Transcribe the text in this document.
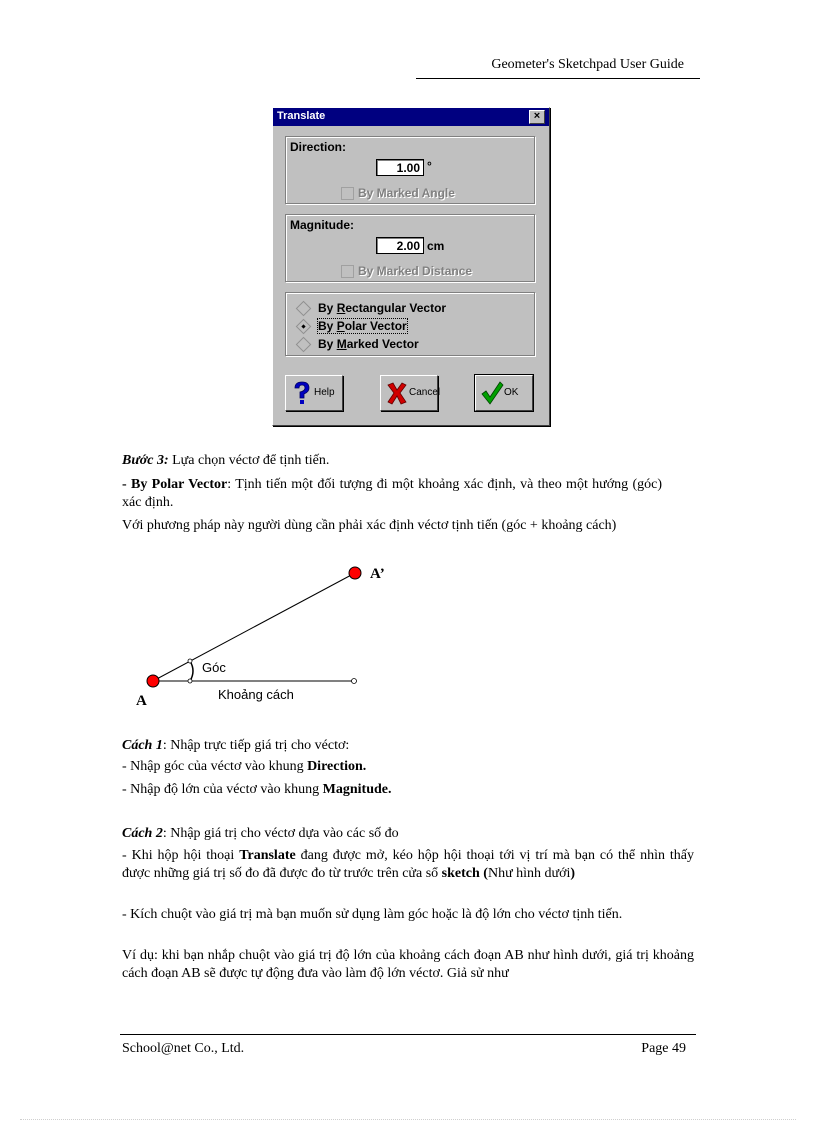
Geometer's Sketchpad User Guide
Translate	×
Direction:
1.00 °
By Marked Angle
Magnitude:
2.00 cm
By Marked Distance
By Rectangular Vector
By Polar Vector
By Marked Vector
Help	Cancel	OK
Bước 3: Lựa chọn véctơ để tịnh tiến.
- By Polar Vector: Tịnh tiến một đối tượng đi một khoảng xác định, và theo một hướng (góc) xác định.
Với phương pháp này người dùng cần phải xác định véctơ tịnh tiến (góc + khoảng cách)
A
A’
Góc
Khoảng cách
Cách 1: Nhập trực tiếp giá trị cho véctơ:
- Nhập góc của véctơ vào khung Direction.
- Nhập độ lớn của véctơ vào khung Magnitude.
Cách 2: Nhập giá trị cho véctơ dựa vào các số đo
- Khi hộp hội thoại Translate đang được mở, kéo hộp hội thoại tới vị trí mà bạn có thể nhìn thấy được những giá trị số đo đã được đo từ trước trên cửa sổ sketch (Như hình dưới)
- Kích chuột vào giá trị mà bạn muốn sử dụng làm góc hoặc là độ lớn cho véctơ tịnh tiến.
Ví dụ: khi bạn nhắp chuột vào giá trị độ lớn của khoảng cách đoạn AB như hình dưới, giá trị khoảng cách đoạn AB sẽ được tự động đưa vào làm độ lớn véctơ. Giả sử như
School@net Co., Ltd.	Page 49
